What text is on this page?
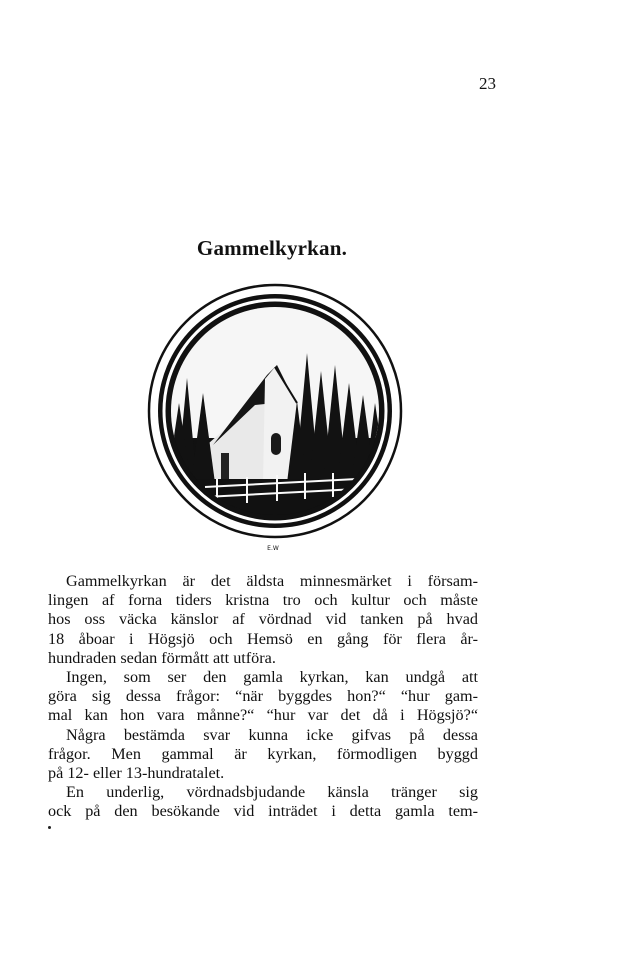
23
Gammelkyrkan.
E.W
Gammelkyrkan är det äldsta minnesmärket i försam-
lingen af forna tiders kristna tro och kultur och måste
hos oss väcka känslor af vördnad vid tanken på hvad
18 åboar i Högsjö och Hemsö en gång för flera år-
hundraden sedan förmått att utföra.
Ingen, som ser den gamla kyrkan, kan undgå att
göra sig dessa frågor: “när byggdes hon?“ “hur gam-
mal kan hon vara månne?“ “hur var det då i Högsjö?“
Några bestämda svar kunna icke gifvas på dessa
frågor. Men gammal är kyrkan, förmodligen byggd
på 12- eller 13-hundratalet.
En underlig, vördnadsbjudande känsla tränger sig
ock på den besökande vid inträdet i detta gamla tem-
